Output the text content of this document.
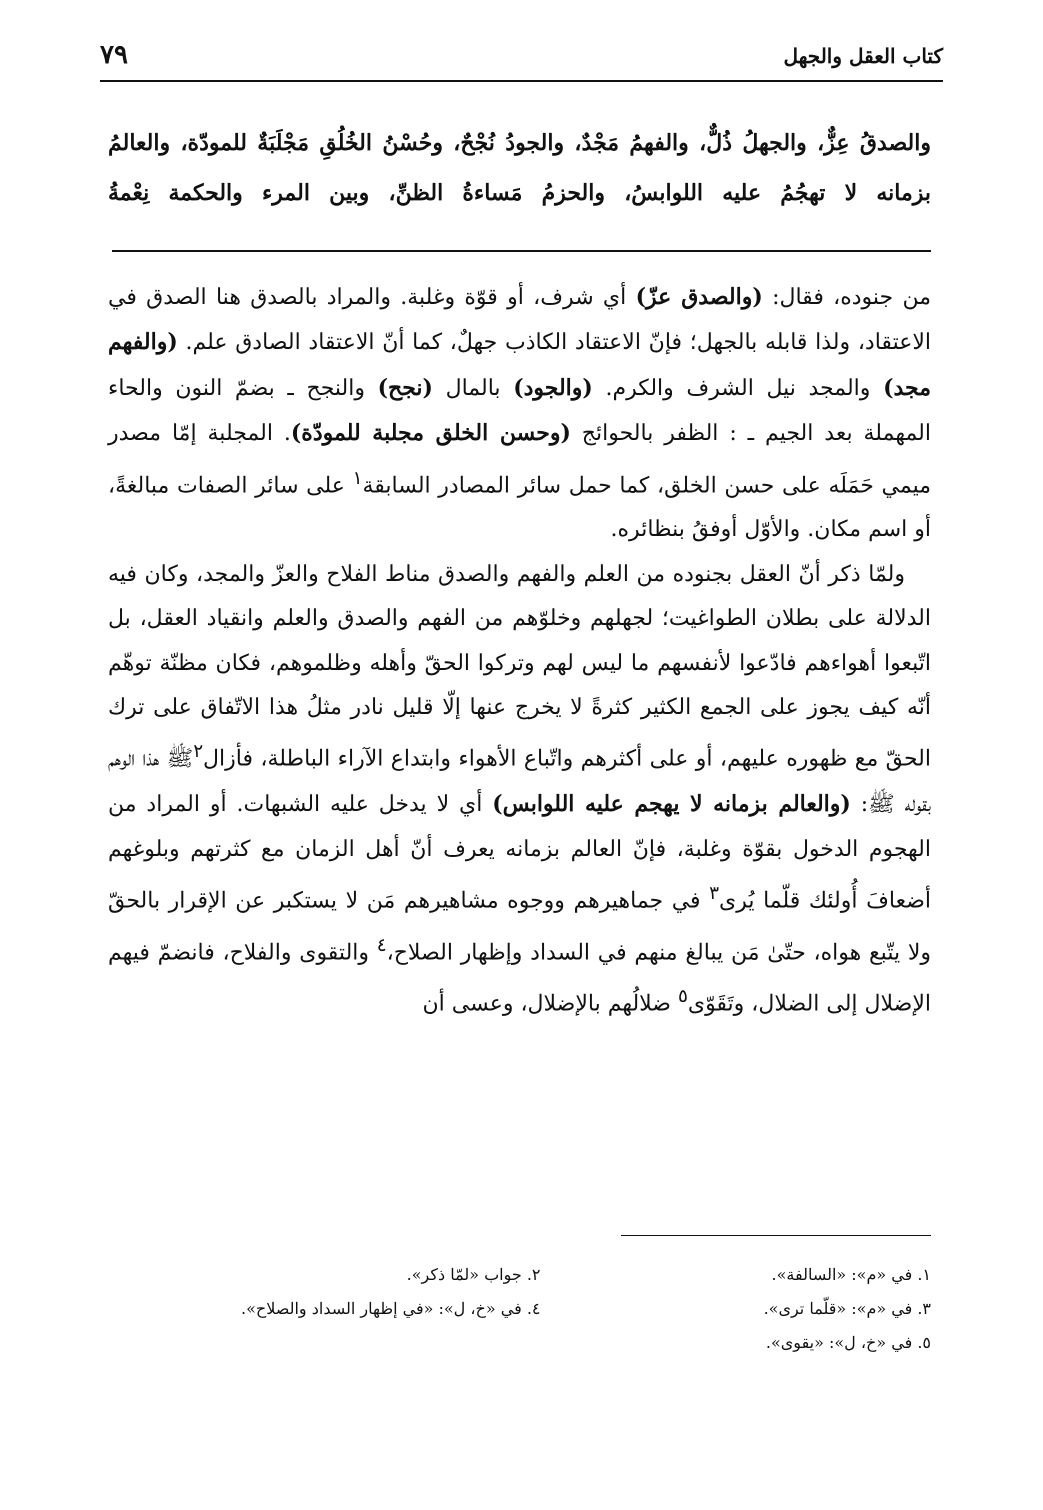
٧٩	كتاب العقل والجهل
والصدقُ عِزٌّ، والجهلُ ذُلٌّ، والفهمُ مَجْدٌ، والجودُ نُجْحٌ، وحُسْنُ الخُلُقِ مَجْلَبَةٌ للمودّة، والعالمُ بزمانه لا تهجُمُ عليه اللوابسُ، والحزمُ مَساءةُ الظنِّ، وبين المرء والحكمة نِعْمةُ

من جنوده، فقال: (والصدق عزّ) أي شرف، أو قوّة وغلبة. والمراد بالصدق هنا الصدق في الاعتقاد، ولذا قابله بالجهل؛ فإنّ الاعتقاد الكاذب جهلٌ، كما أنّ الاعتقاد الصادق علم. (والفهم مجد) والمجد نيل الشرف والكرم. (والجود) بالمال (نجح) والنجح ـ بضمّ النون والحاء المهملة بعد الجيم ـ : الظفر بالحوائج (وحسن الخلق مجلبة للمودّة). المجلبة إمّا مصدر ميمي حَمَلَه على حسن الخلق، كما حمل سائر المصادر السابقة$^١$ على سائر الصفات مبالغةً، أو اسم مكان. والأوّل أوفقُ بنظائره.

ولمّا ذكر أنّ العقل بجنوده من العلم والفهم والصدق مناط الفلاح والعزّ والمجد، وكان فيه الدلالة على بطلان الطواغيت؛ لجهلهم وخلوّهم من الفهم والصدق والعلم وانقياد العقل، بل اتّبعوا أهواءهم فادّعوا لأنفسهم ما ليس لهم وتركوا الحقّ وأهله وظلموهم، فكان مظنّة توهّم أنّه كيف يجوز على الجمع الكثير كثرةً لا يخرج عنها إلّا قليل نادر مثلُ هذا الاتّفاق على ترك الحقّ مع ظهوره عليهم، أو على أكثرهم واتّباع الأهواء وابتداع الآراء الباطلة، فأزال$^٢$ﷺ هذا الوهم بقوله ﷺ: (والعالم بزمانه لا يهجم عليه اللوابس) أي لا يدخل عليه الشبهات. أو المراد من الهجوم الدخول بقوّة وغلبة، فإنّ العالم بزمانه يعرف أنّ أهل الزمان مع كثرتهم وبلوغهم أضعافَ أُولئك قلّما يُرى$^٣$ في جماهيرهم ووجوه مشاهيرهم مَن لا يستكبر عن الإقرار بالحقّ ولا يتّبع هواه، حتّىٰ مَن يبالغ منهم في السداد وإظهار الصلاح،$^٤$ والتقوى والفلاح، فانضمّ فيهم الإضلال إلى الضلال، وتَقَوّى$^٥$ ضلالُهم بالإضلال، وعسى أن

١. في «م»: «السالفة».
٢. جواب «لمّا ذكر».
٣. في «م»: «قلّما ترى».
٤. في «خ، ل»: «في إظهار السداد والصلاح».
٥. في «خ، ل»: «يقوى».
